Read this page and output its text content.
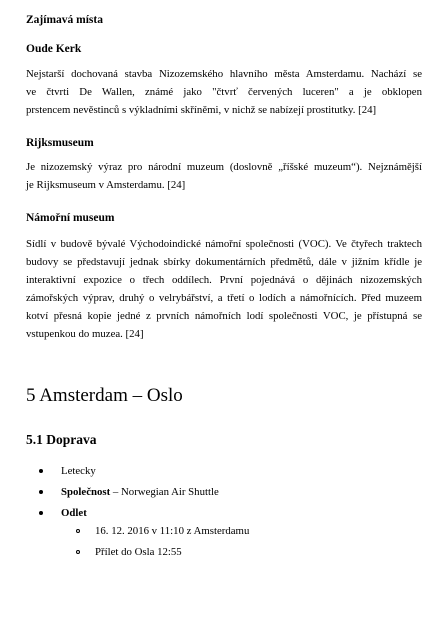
Zajímavá místa
Oude Kerk
Nejstarší dochovaná stavba Nizozemského hlavního města Amsterdamu. Nachází se
ve čtvrti De Wallen, známé jako "čtvrť červených luceren" a je obklopen
prstencem nevěstinců s výkladními skříněmi, v nichž se nabízejí prostitutky. [24]
Rijksmuseum
Je nizozemský výraz pro národní muzeum (doslovně „říšské muzeum“). Nejznámější
je Rijksmuseum v Amsterdamu. [24]
Námořní museum
Sídlí v budově bývalé Východoindické námořní společnosti (VOC). Ve čtyřech traktech
budovy se představují jednak sbírky dokumentárních předmětů, dále v jižním křídle je
interaktivní expozice o třech oddílech. První pojednává o dějinách nizozemských
zámořských výprav, druhý o velrybářství, a třetí o lodích a námořnících. Před muzeem
kotví přesná kopie jedné z prvních námořních lodí společnosti VOC, je přístupná se
vstupenkou do muzea. [24]
5 Amsterdam – Oslo
5.1 Doprava
Letecky
Společnost – Norwegian Air Shuttle
Odlet
16. 12. 2016 v 11:10 z Amsterdamu
Přílet do Osla 12:55
